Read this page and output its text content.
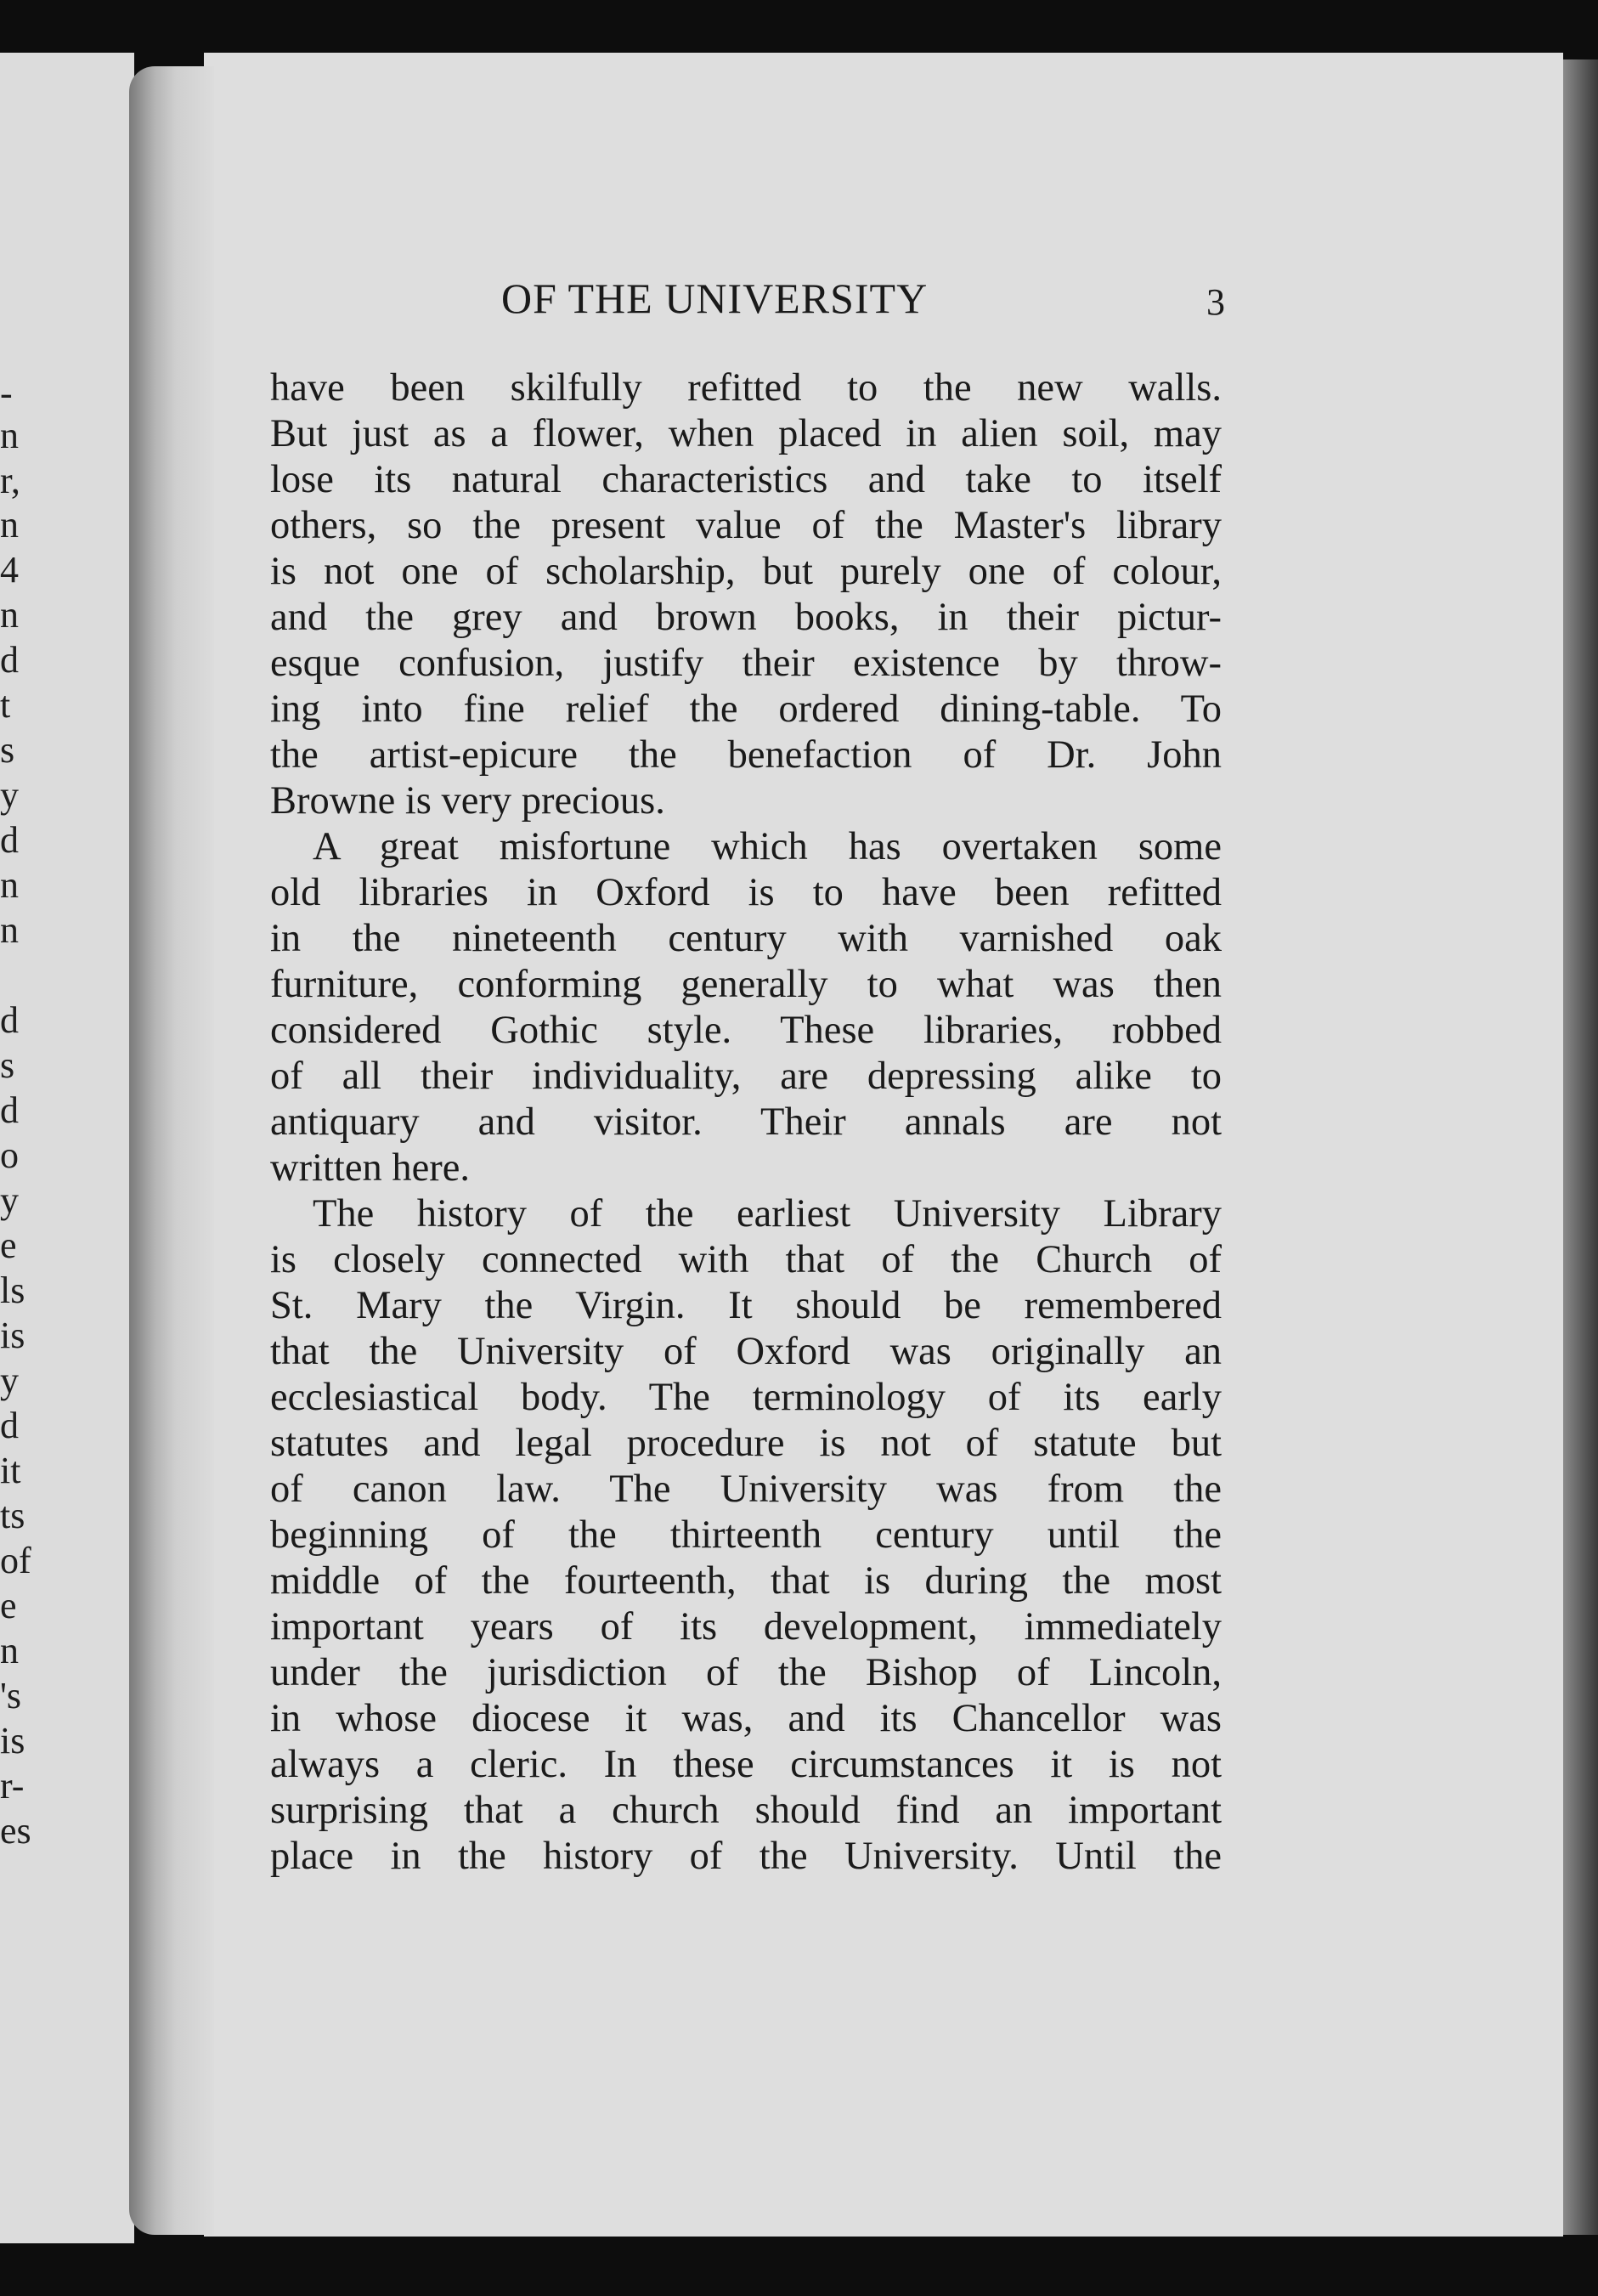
-
n
r,
n
4
n
d
t
s
y
d
n
n
d
s
d
o
y
e
ls
is
y
d
it
ts
of
e
n
's
is
r-
es
OF THE UNIVERSITY	3
have been skilfully refitted to the new walls.
But just as a flower, when placed in alien soil, may
lose its natural characteristics and take to itself
others, so the present value of the Master's library
is not one of scholarship, but purely one of colour,
and the grey and brown books, in their pictur-
esque confusion, justify their existence by throw-
ing into fine relief the ordered dining-table. To
the artist-epicure the benefaction of Dr. John
Browne is very precious.
A great misfortune which has overtaken some
old libraries in Oxford is to have been refitted
in the nineteenth century with varnished oak
furniture, conforming generally to what was then
considered Gothic style. These libraries, robbed
of all their individuality, are depressing alike to
antiquary and visitor. Their annals are not
written here.
The history of the earliest University Library
is closely connected with that of the Church of
St. Mary the Virgin. It should be remembered
that the University of Oxford was originally an
ecclesiastical body. The terminology of its early
statutes and legal procedure is not of statute but
of canon law. The University was from the
beginning of the thirteenth century until the
middle of the fourteenth, that is during the most
important years of its development, immediately
under the jurisdiction of the Bishop of Lincoln,
in whose diocese it was, and its Chancellor was
always a cleric. In these circumstances it is not
surprising that a church should find an important
place in the history of the University. Until the
